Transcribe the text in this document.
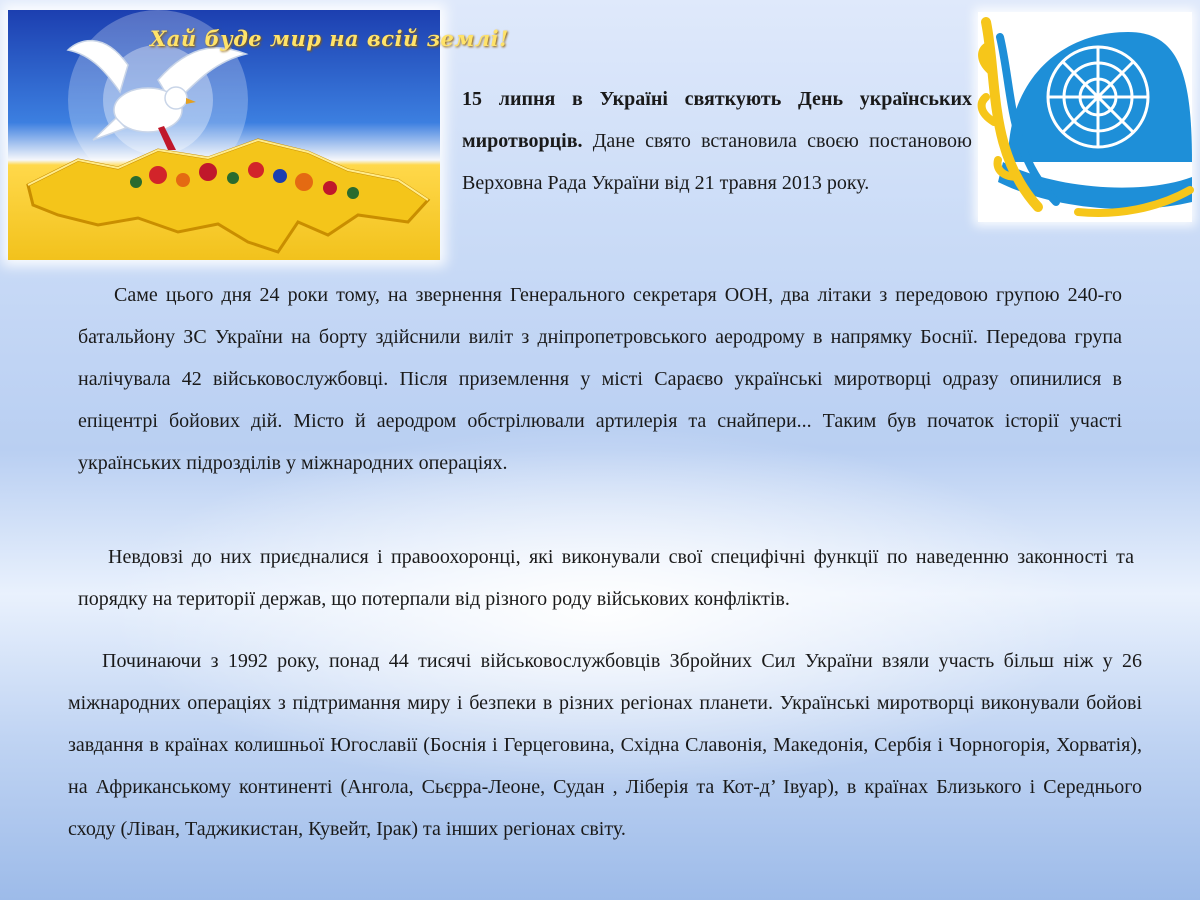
Хай буде мир на всій землі!
15 липня в Україні святкують День українських миротворців. Дане свято встановила своєю постановою Верховна Рада України від 21 травня 2013 року.

Саме цього дня 24 роки тому, на звернення Генерального секретаря ООН, два літаки з передовою групою 240-го батальйону ЗС України на борту здійснили виліт з дніпропетровського аеродрому в напрямку Боснії. Передова група налічувала 42 військовослужбовці. Після приземлення у місті Сараєво українські миротворці одразу опинилися в епіцентрі бойових дій. Місто й аеродром обстрілювали артилерія та снайпери... Таким був початок історії участі українських підрозділів у міжнародних операціях.

Невдовзі до них приєдналися і правоохоронці, які виконували свої специфічні функції по наведенню законності та порядку на території держав, що потерпали від різного роду військових конфліктів.

Починаючи з 1992 року, понад 44 тисячі військовослужбовців Збройних Сил України взяли участь більш ніж у 26 міжнародних операціях з підтримання миру і безпеки в різних регіонах планети. Українські миротворці виконували бойові завдання в країнах колишньої Югославії (Боснія і Герцеговина, Східна Славонія, Македонія, Сербія і Чорногорія, Хорватія), на Африканському континенті (Ангола, Сьєрра-Леоне, Судан , Ліберія та Кот-д’ Івуар), в країнах Близького і Середнього сходу (Ліван, Таджикистан, Кувейт, Ірак) та інших регіонах світу.
